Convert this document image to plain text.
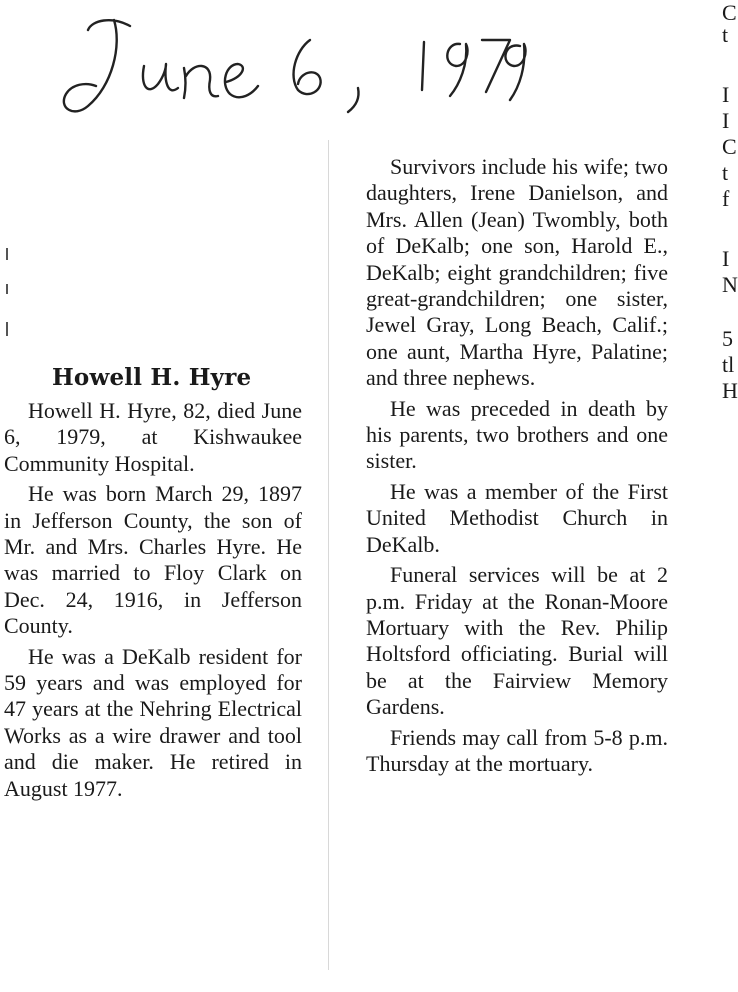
Howell H. Hyre

Howell H. Hyre, 82, died June 6, 1979, at Kishwaukee Community Hospital.

He was born March 29, 1897 in Jefferson County, the son of Mr. and Mrs. Charles Hyre. He was married to Floy Clark on Dec. 24, 1916, in Jefferson County.

He was a DeKalb resident for 59 years and was employed for 47 years at the Nehring Electrical Works as a wire drawer and tool and die maker. He retired in August 1977.

Survivors include his wife; two daughters, Irene Danielson, and Mrs. Allen (Jean) Twombly, both of DeKalb; one son, Harold E., DeKalb; eight grandchildren; five great-grandchildren; one sister, Jewel Gray, Long Beach, Calif.; one aunt, Martha Hyre, Palatine; and three nephews.

He was preceded in death by his parents, two brothers and one sister.

He was a member of the First United Methodist Church in DeKalb.

Funeral services will be at 2 p.m. Friday at the Ronan-Moore Mortuary with the Rev. Philip Holtsford officiating. Burial will be at the Fairview Memory Gardens.

Friends may call from 5-8 p.m. Thursday at the mortuary.

C
t
I
I
C
t
f
I
N
5
tl
H
